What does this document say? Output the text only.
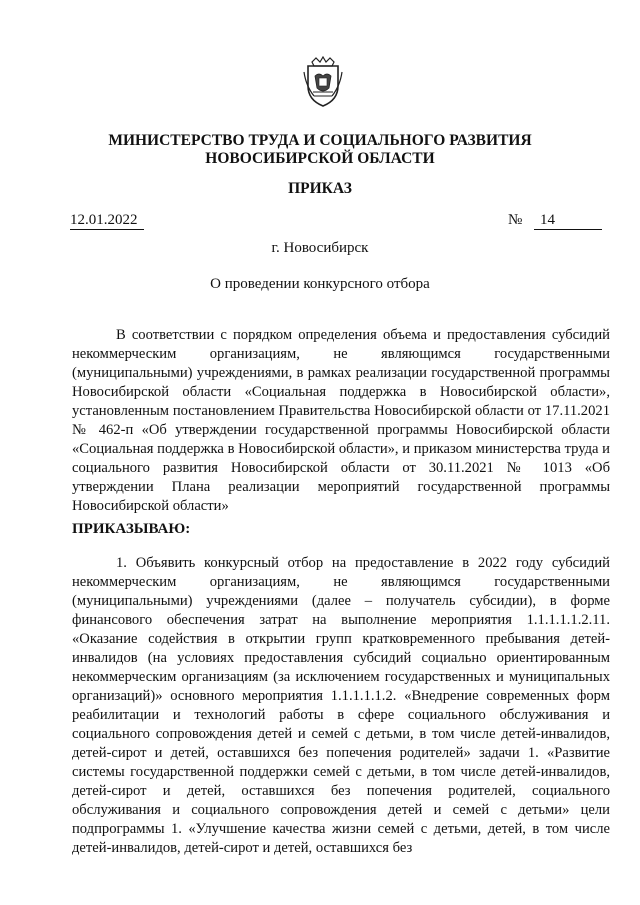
МИНИСТЕРСТВО ТРУДА И СОЦИАЛЬНОГО РАЗВИТИЯ
НОВОСИБИРСКОЙ ОБЛАСТИ
ПРИКАЗ
12.01.2022	№	14
г. Новосибирск
О проведении конкурсного отбора

В соответствии с порядком определения объема и предоставления субсидий некоммерческим организациям, не являющимся государственными (муниципальными) учреждениями, в рамках реализации государственной программы Новосибирской области «Социальная поддержка в Новосибирской области», установленным постановлением Правительства Новосибирской области от 17.11.2021 № 462-п «Об утверждении государственной программы Новосибирской области «Социальная поддержка в Новосибирской области», и приказом министерства труда и социального развития Новосибирской области от 30.11.2021 № 1013 «Об утверждении Плана реализации мероприятий государственной программы Новосибирской области»

ПРИКАЗЫВАЮ:

1. Объявить конкурсный отбор на предоставление в 2022 году субсидий некоммерческим организациям, не являющимся государственными (муниципальными) учреждениями (далее – получатель субсидии), в форме финансового обеспечения затрат на выполнение мероприятия 1.1.1.1.1.2.11. «Оказание содействия в открытии групп кратковременного пребывания детей-инвалидов (на условиях предоставления субсидий социально ориентированным некоммерческим организациям (за исключением государственных и муниципальных организаций)» основного мероприятия 1.1.1.1.1.2. «Внедрение современных форм реабилитации и технологий работы в сфере социального обслуживания и социального сопровождения детей и семей с детьми, в том числе детей-инвалидов, детей-сирот и детей, оставшихся без попечения родителей» задачи 1. «Развитие системы государственной поддержки семей с детьми, в том числе детей-инвалидов, детей-сирот и детей, оставшихся без попечения родителей, социального обслуживания и социального сопровождения детей и семей с детьми» цели подпрограммы 1. «Улучшение качества жизни семей с детьми, детей, в том числе детей-инвалидов, детей-сирот и детей, оставшихся без
